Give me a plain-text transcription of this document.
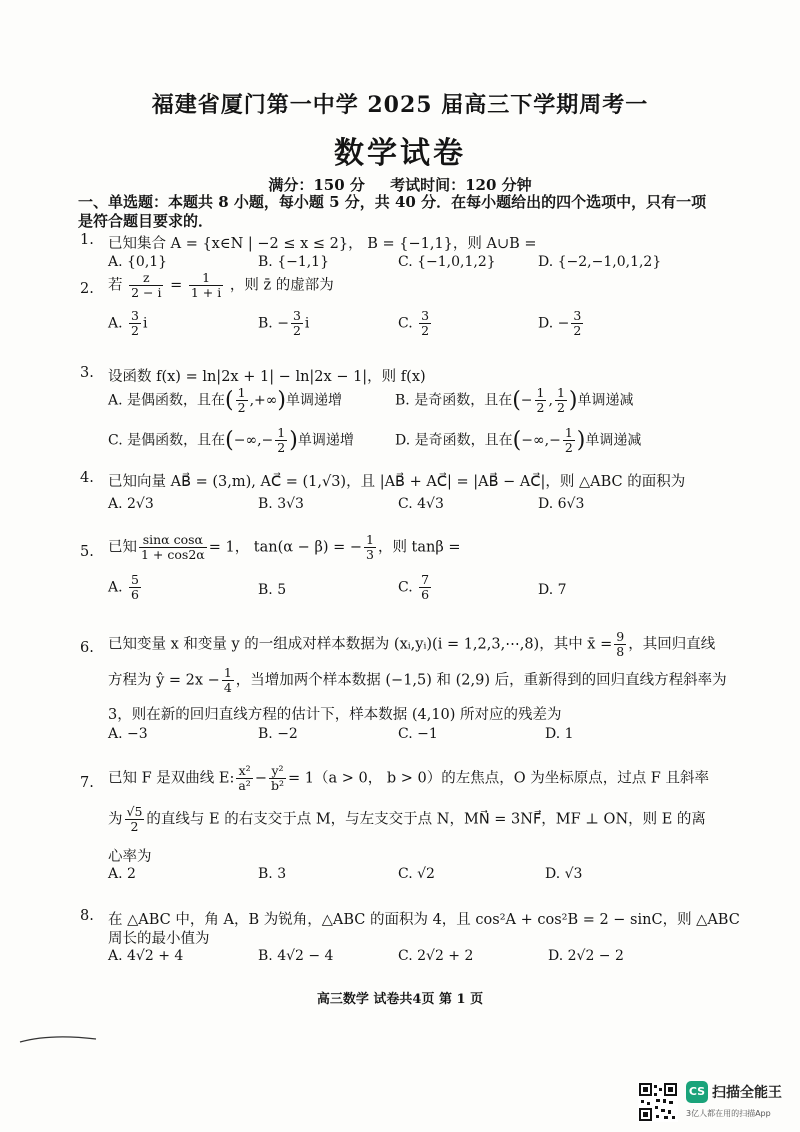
福建省厦门第一中学 2025 届高三下学期周考一
数学试卷
满分：150 分 考试时间：120 分钟
一、单选题：本题共 8 小题，每小题 5 分，共 40 分．在每小题给出的四个选项中，只有一项是符合题目要求的．
1. 已知集合 A = {x∈N | −2 ≤ x ≤ 2}， B = {−1,1}，则 A∪B =
A. {0,1}	B. {−1,1}	C. {−1,0,1,2}	D. {−2,−1,0,1,2}
2. 若 $\frac{z}{2 - i} = \frac{1}{1 + i}$ ，则 z̄ 的虚部为
A. $\frac{3}{2}$ i	B. − $\frac{3}{2}$ i	C. $\frac{3}{2}$	D. − $\frac{3}{2}$
3. 设函数 f(x) = ln|2x + 1| − ln|2x − 1|，则 f(x)
A. 是偶函数，且在( $\frac{1}{2}$ ,+∞)单调递增	B. 是奇函数，且在(− $\frac{1}{2}$ , $\frac{1}{2}$ )单调递减
C. 是偶函数，且在(−∞,− $\frac{1}{2}$ )单调递增	D. 是奇函数，且在(−∞,− $\frac{1}{2}$ )单调递减
4. 已知向量 AB⃗ = (3,m), AC⃗ = (1,√3)，且 |AB⃗ + AC⃗| = |AB⃗ − AC⃗|，则 △ABC 的面积为
A. 2√3	B. 3√3	C. 4√3	D. 6√3
5. 已知 $\frac{\text{sinα cosα}}{1 + \cos 2\alpha} = 1$， tan(α − β) = − $\frac{1}{3}$ ，则 tanβ =
A. $\frac{5}{6}$	B. 5	C. $\frac{7}{6}$	D. 7
6. 已知变量 x 和变量 y 的一组成对样本数据为 (xᵢ,yᵢ)(i = 1,2,3,⋯,8)，其中 x̄ = $\frac{9}{8}$ ，其回归直线
方程为 ŷ = $2x - \frac{1}{4}$ ，当增加两个样本数据 (−1,5) 和 (2,9) 后，重新得到的回归直线方程斜率为
3，则在新的回归直线方程的估计下，样本数据 (4,10) 所对应的残差为
A. −3	B. −2	C. −1	D. 1
7. 已知 F 是双曲线 E: $\frac{\text{x²}}{\text{a²}} - \frac{\text{y²}}{\text{b²}} = 1(a > 0$， b > 0）的左焦点，O 为坐标原点，过点 F 且斜率
为 $\frac{√5}{2}$ 的直线与 E 的右支交于点 M，与左支交于点 N，MN⃗ = 3NF⃗，MF ⊥ ON，则 E 的离
心率为
A. 2	B. 3	C. √2	D. √3
8. 在 △ABC 中，角 A，B 为锐角，△ABC 的面积为 4，且 cos²A + cos²B = 2 − sinC，则 △ABC
周长的最小值为
A. 4√2 + 4	B. 4√2 − 4	C. 2√2 + 2	D. 2√2 − 2
高三数学 试卷共4页 第 1 页
CS 扫描全能王
3亿人都在用的扫描App
